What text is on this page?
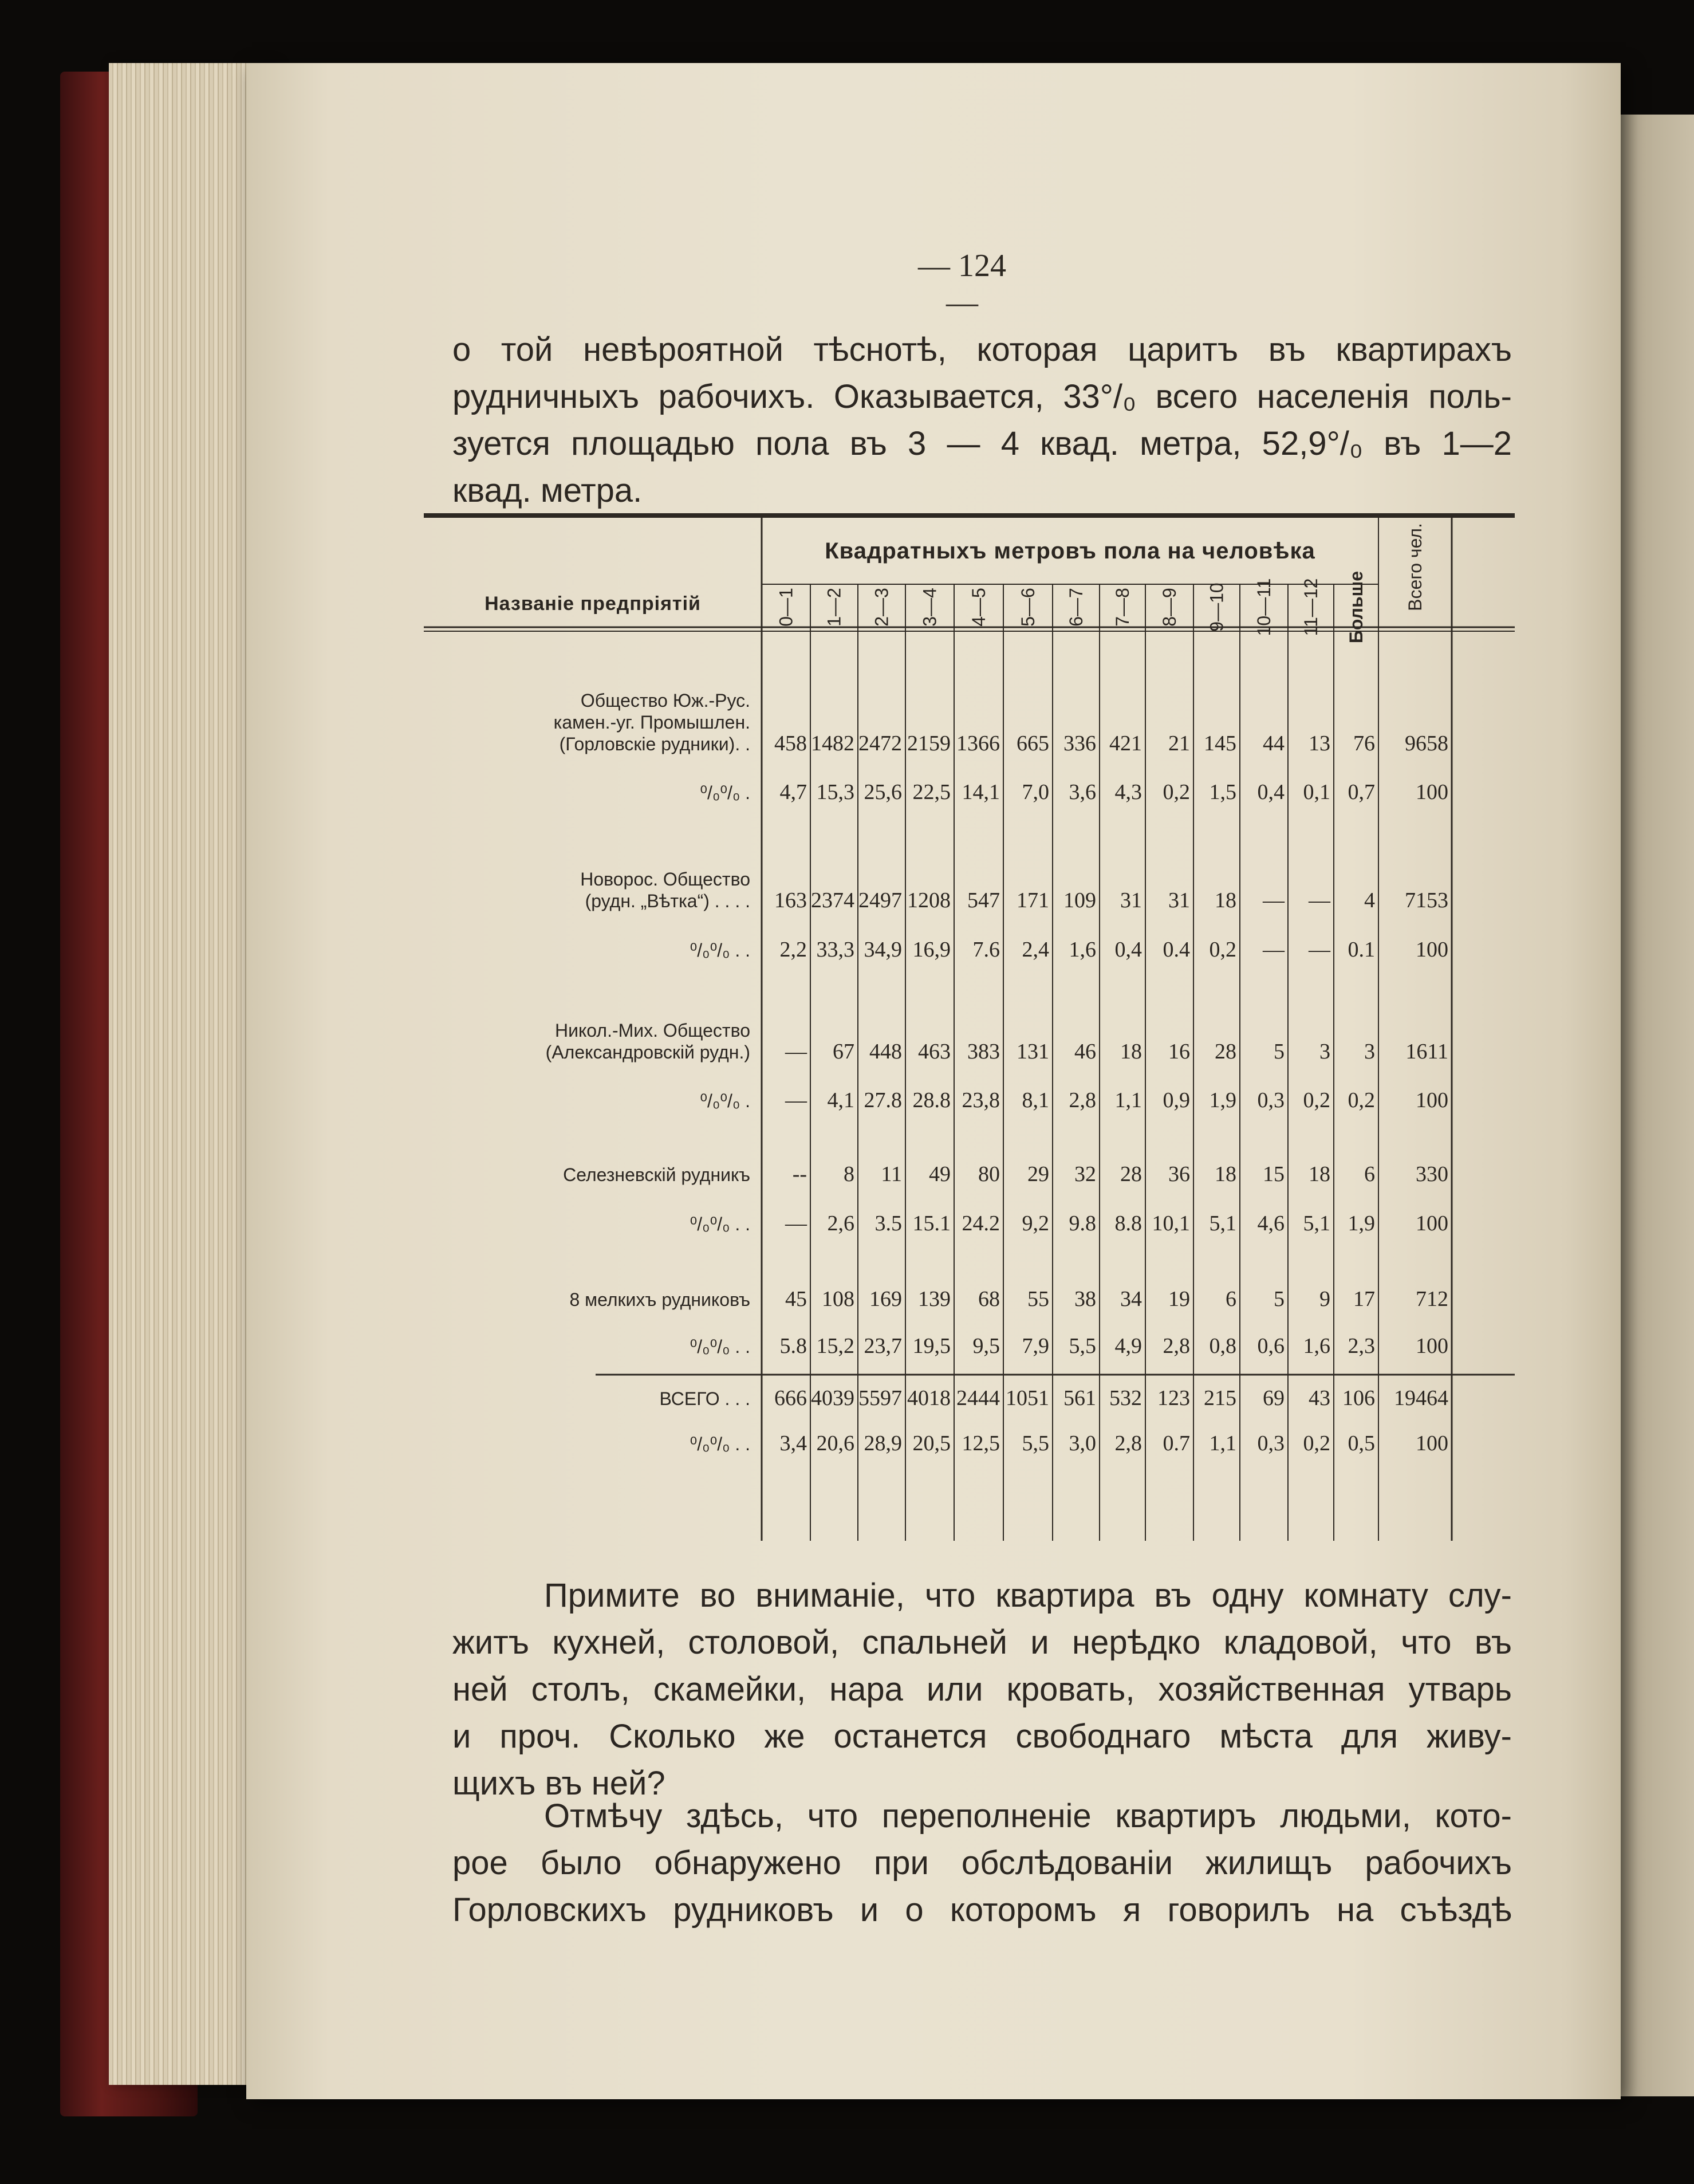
— 124 —

о той невѣроятной тѣснотѣ, которая царитъ въ квартирахъ
рудничныхъ рабочихъ. Оказывается, 33°/₀ всего населенія поль-
зуется площадью пола въ 3 — 4 квад. метра, 52,9°/₀ въ 1—2
квад. метра.

Названіе предпріятій
Квадратныхъ метровъ пола на человѣка
0—1 1—2 2—3 3—4 4—5 5—6 6—7 7—8 8—9 9—10 10—11 11—12 Больше Всего чел.
Общество Юж.-Рус.
камен.-уг. Промышлен.
(Горловскіе рудники). .
⁰/₀⁰/₀ .
458 1482 2472 2159 1366 665 336 421 21 145 44 13 76 9658
4,7 15,3 25,6 22,5 14,1 7,0 3,6 4,3 0,2 1,5 0,4 0,1 0,7 100
Новорос. Общество
(рудн. „Вѣтка“) . . . .
⁰/₀⁰/₀ . .
163 2374 2497 1208 547 171 109 31 31 18 — — 4 7153
2,2 33,3 34,9 16,9 7.6 2,4 1,6 0,4 0.4 0,2 — — 0.1 100
Никол.-Мих. Общество
(Александровскій рудн.)
⁰/₀⁰/₀ .
— 67 448 463 383 131 46 18 16 28 5 3 3 1611
— 4,1 27.8 28.8 23,8 8,1 2,8 1,1 0,9 1,9 0,3 0,2 0,2 100
Селезневскій рудникъ
⁰/₀⁰/₀ . .
-- 8 11 49 80 29 32 28 36 18 15 18 6 330
— 2,6 3.5 15.1 24.2 9,2 9.8 8.8 10,1 5,1 4,6 5,1 1,9 100
8 мелкихъ рудниковъ
⁰/₀⁰/₀ . .
45 108 169 139 68 55 38 34 19 6 5 9 17 712
5.8 15,2 23,7 19,5 9,5 7,9 5,5 4,9 2,8 0,8 0,6 1,6 2,3 100
ВСЕГО . . .
⁰/₀⁰/₀ . .
666 4039 5597 4018 2444 1051 561 532 123 215 69 43 106 19464
3,4 20,6 28,9 20,5 12,5 5,5 3,0 2,8 0.7 1,1 0,3 0,2 0,5 100

Примите во вниманіе, что квартира въ одну комнату слу-
житъ кухней, столовой, спальней и нерѣдко кладовой, что въ
ней столъ, скамейки, нара или кровать, хозяйственная утварь
и проч. Сколько же останется свободнаго мѣста для живу-
щихъ въ ней?

Отмѣчу здѣсь, что переполненіе квартиръ людьми, кото-
рое было обнаружено при обслѣдованіи жилищъ рабочихъ
Горловскихъ рудниковъ и о которомъ я говорилъ на съѣздѣ
